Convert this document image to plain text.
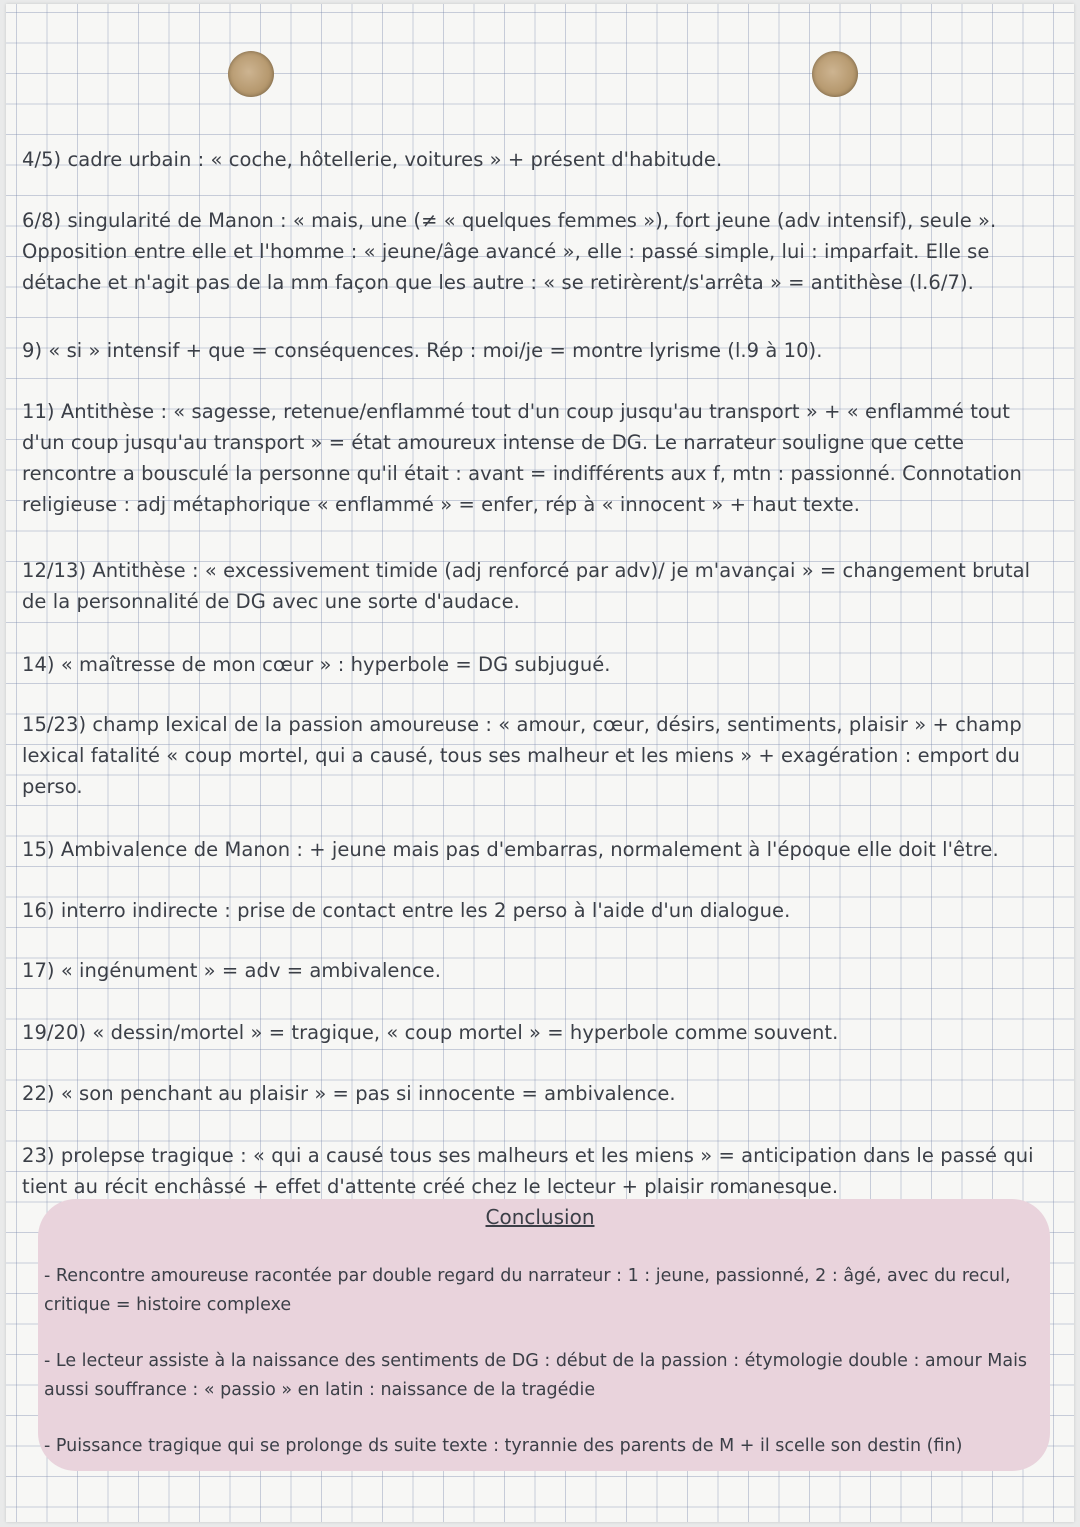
4/5) cadre urbain : « coche, hôtellerie, voitures » + présent d'habitude.

6/8) singularité de Manon : « mais, une (≠ « quelques femmes »), fort jeune (adv intensif), seule ». Opposition entre elle et l'homme : « jeune/âge avancé », elle : passé simple, lui : imparfait. Elle se détache et n'agit pas de la mm façon que les autre : « se retirèrent/s'arrêta » = antithèse (l.6/7).

9) « si » intensif + que = conséquences. Rép : moi/je = montre lyrisme (l.9 à 10).

11) Antithèse : « sagesse, retenue/enflammé tout d'un coup jusqu'au transport » + « enflammé tout d'un coup jusqu'au transport » = état amoureux intense de DG. Le narrateur souligne que cette rencontre a bousculé la personne qu'il était : avant = indifférents aux f, mtn : passionné. Connotation religieuse : adj métaphorique « enflammé » = enfer, rép à « innocent » + haut texte.

12/13) Antithèse : « excessivement timide (adj renforcé par adv)/ je m'avançai » = changement brutal de la personnalité de DG avec une sorte d'audace.

14) « maîtresse de mon cœur » : hyperbole = DG subjugué.

15/23) champ lexical de la passion amoureuse : « amour, cœur, désirs, sentiments, plaisir » + champ lexical fatalité « coup mortel, qui a causé, tous ses malheur et les miens » + exagération : emport du perso.

15) Ambivalence de Manon : + jeune mais pas d'embarras, normalement à l'époque elle doit l'être.

16) interro indirecte : prise de contact entre les 2 perso à l'aide d'un dialogue.

17) « ingénument » = adv = ambivalence.

19/20) « dessin/mortel » = tragique, « coup mortel » = hyperbole comme souvent.

22) « son penchant au plaisir » = pas si innocente = ambivalence.

23) prolepse tragique : « qui a causé tous ses malheurs et les miens » = anticipation dans le passé qui tient au récit enchâssé + effet d'attente créé chez le lecteur + plaisir romanesque.

Conclusion

- Rencontre amoureuse racontée par double regard du narrateur : 1 : jeune, passionné, 2 : âgé, avec du recul, critique = histoire complexe

- Le lecteur assiste à la naissance des sentiments de DG : début de la passion : étymologie double : amour Mais aussi souffrance : « passio » en latin : naissance de la tragédie

- Puissance tragique qui se prolonge ds suite texte : tyrannie des parents de M + il scelle son destin (fin)
